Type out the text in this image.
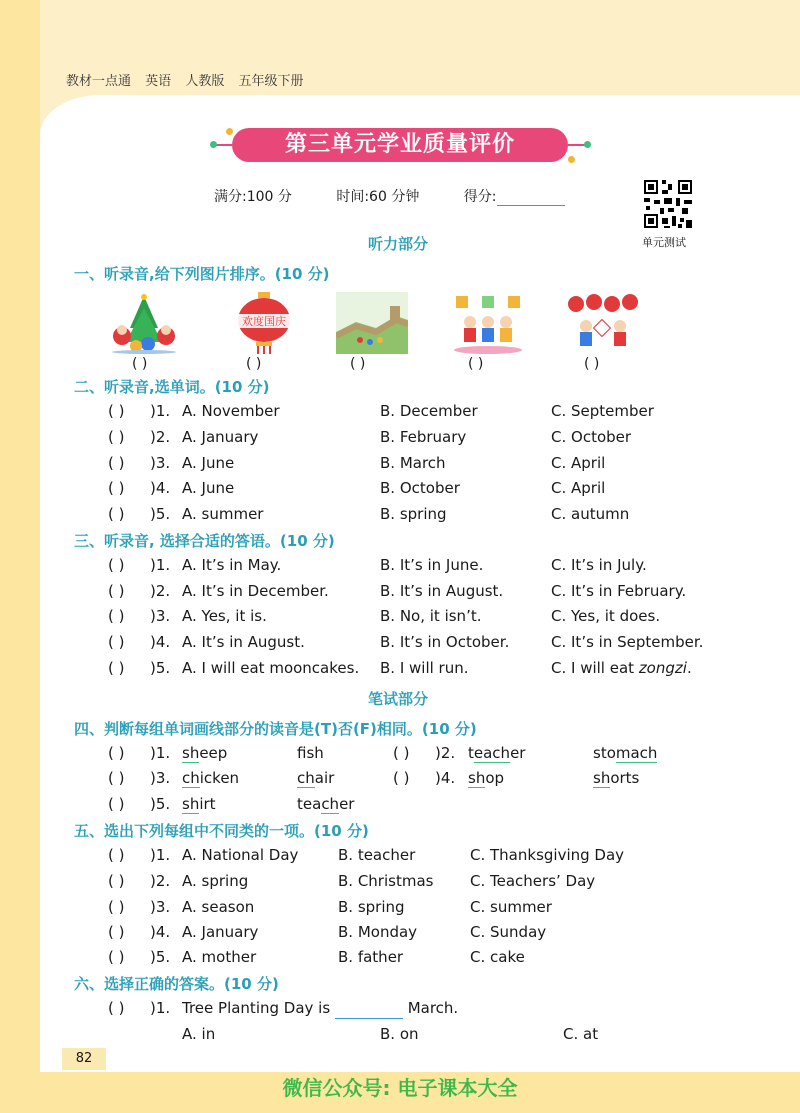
教材一点通 英语 人教版 五年级下册
第三单元学业质量评价
满分:100 分	时间:60 分钟	得分:
单元测试
听力部分
一、听录音,给下列图片排序。(10 分)
欢度国庆
( )	( )	( )	( )	( )
二、听录音,选单词。(10 分)
( ) )1. A. November	B. December	C. September
( ) )2. A. January	B. February	C. October
( ) )3. A. June	B. March	C. April
( ) )4. A. June	B. October	C. April
( ) )5. A. summer	B. spring	C. autumn
三、听录音, 选择合适的答语。(10 分)
( ) )1. A. It’s in May.	B. It’s in June.	C. It’s in July.
( ) )2. A. It’s in December.	B. It’s in August.	C. It’s in February.
( ) )3. A. Yes, it is.	B. No, it isn’t.	C. Yes, it does.
( ) )4. A. It’s in August.	B. It’s in October.	C. It’s in September.
( ) )5. A. I will eat mooncakes. B. I will run.	C. I will eat zongzi.
笔试部分
四、判断每组单词画线部分的读音是(T)否(F)相同。(10 分)
( ) )1. sheep	fsh	( ) )2. teacher	stomach
( ) )3. chicken	chair	( ) )4. shop	shorts
( ) )5. shirt	teacher
五、选出下列每组中不同类的一项。(10 分)
( ) )1. A. National Day	B. teacher	C. Thanksgiving Day
( ) )2. A. spring	B. Christmas C. Teachers’ Day
( ) )3. A. season	B. spring	C. summer
( ) )4. A. January	B. Monday	C. Sunday
( ) )5. A. mother	B. father	C. cake
六、选择正确的答案。(10 分)
( ) )1. Tree Planting Day is	March.
A. in	B. on	C. at
82
微信公众号: 电子课本大全
